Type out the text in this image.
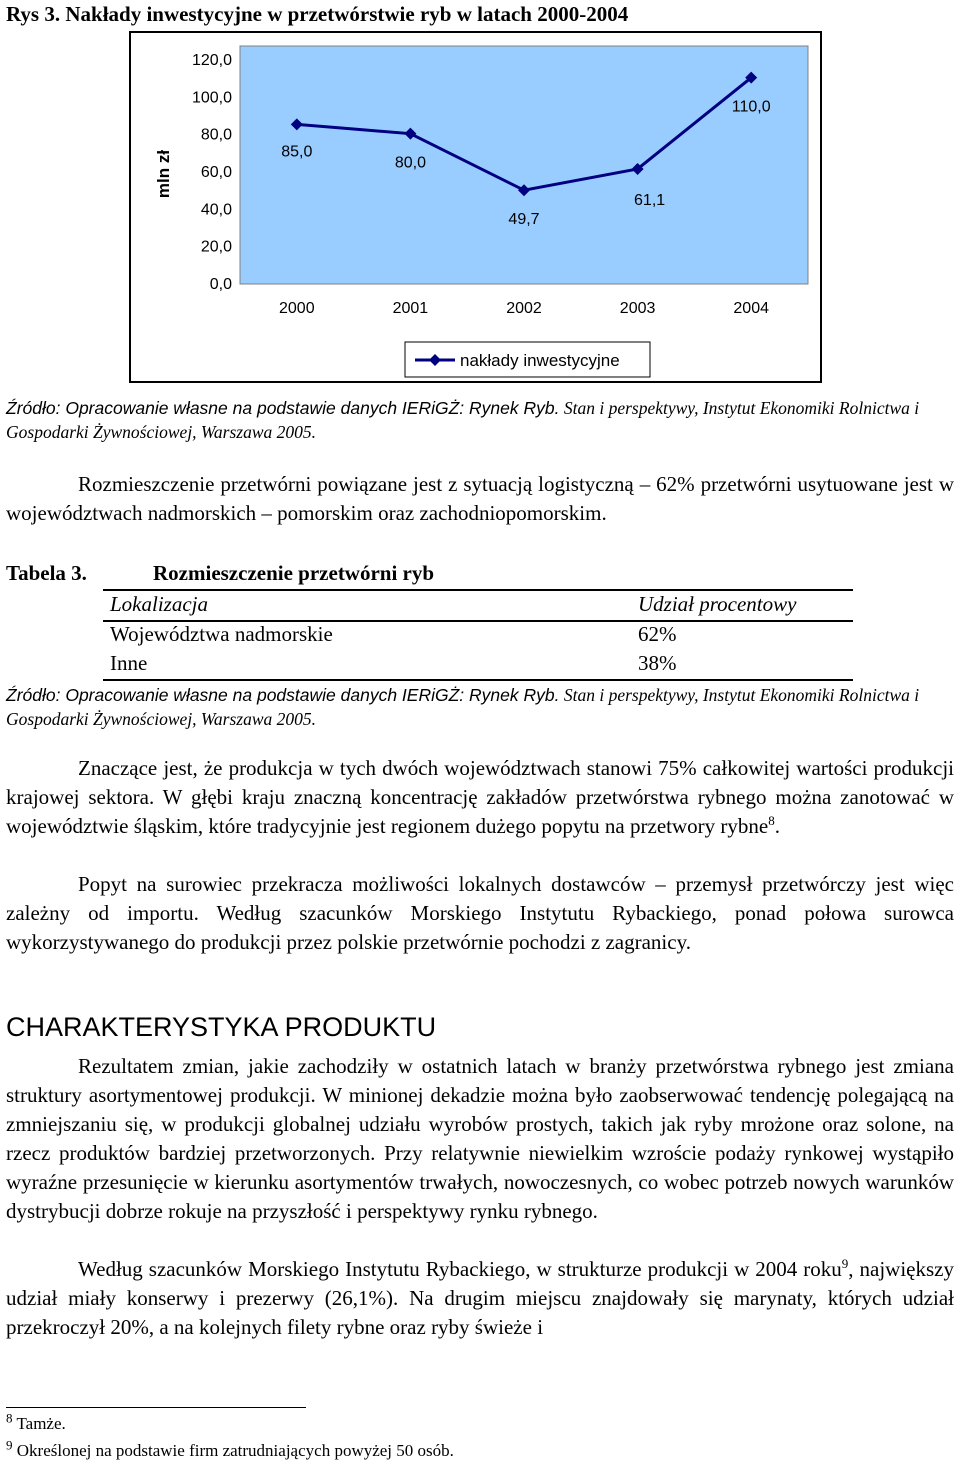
Rys 3. Nakłady inwestycyjne w przetwórstwie ryb w latach 2000-2004
mln zł
0,0
20,0
40,0
60,0
80,0
100,0
120,0
2000	2001	2002	2003	2004
85,0
80,0
49,7
61,1
110,0
nakłady inwestycyjne
Źródło: Opracowanie własne na podstawie danych IERiGŻ: Rynek Ryb. Stan i perspektywy, Instytut Ekonomiki Rolnictwa i Gospodarki Żywnościowej, Warszawa 2005.
Rozmieszczenie przetwórni powiązane jest z sytuacją logistyczną – 62% przetwórni usytuowane jest w województwach nadmorskich – pomorskim oraz zachodniopomorskim.
Tabela 3.	Rozmieszczenie przetwórni ryb
Lokalizacja	Udział procentowy
Województwa nadmorskie	62%
Inne	38%
Źródło: Opracowanie własne na podstawie danych IERiGŻ: Rynek Ryb. Stan i perspektywy, Instytut Ekonomiki Rolnictwa i Gospodarki Żywnościowej, Warszawa 2005.
Znaczące jest, że produkcja w tych dwóch województwach stanowi 75% całkowitej wartości produkcji krajowej sektora. W głębi kraju znaczną koncentrację zakładów przetwórstwa rybnego można zanotować w województwie śląskim, które tradycyjnie jest regionem dużego popytu na przetwory rybne$^8$.
Popyt na surowiec przekracza możliwości lokalnych dostawców – przemysł przetwórczy jest więc zależny od importu. Według szacunków Morskiego Instytutu Rybackiego, ponad połowa surowca wykorzystywanego do produkcji przez polskie przetwórnie pochodzi z zagranicy.
CHARAKTERYSTYKA PRODUKTU
Rezultatem zmian, jakie zachodziły w ostatnich latach w branży przetwórstwa rybnego jest zmiana struktury asortymentowej produkcji. W minionej dekadzie można było zaobserwować tendencję polegającą na zmniejszaniu się, w produkcji globalnej udziału wyrobów prostych, takich jak ryby mrożone oraz solone, na rzecz produktów bardziej przetworzonych. Przy relatywnie niewielkim wzroście podaży rynkowej wystąpiło wyraźne przesunięcie w kierunku asortymentów trwałych, nowoczesnych, co wobec potrzeb nowych warunków dystrybucji dobrze rokuje na przyszłość i perspektywy rynku rybnego.
Według szacunków Morskiego Instytutu Rybackiego, w strukturze produkcji w 2004 roku$^9$, największy udział miały konserwy i prezerwy (26,1%). Na drugim miejscu znajdowały się marynaty, których udział przekroczył 20%, a na kolejnych filety rybne oraz ryby świeże i
$^8$ Tamże.
$^9$ Określonej na podstawie firm zatrudniających powyżej 50 osób.
